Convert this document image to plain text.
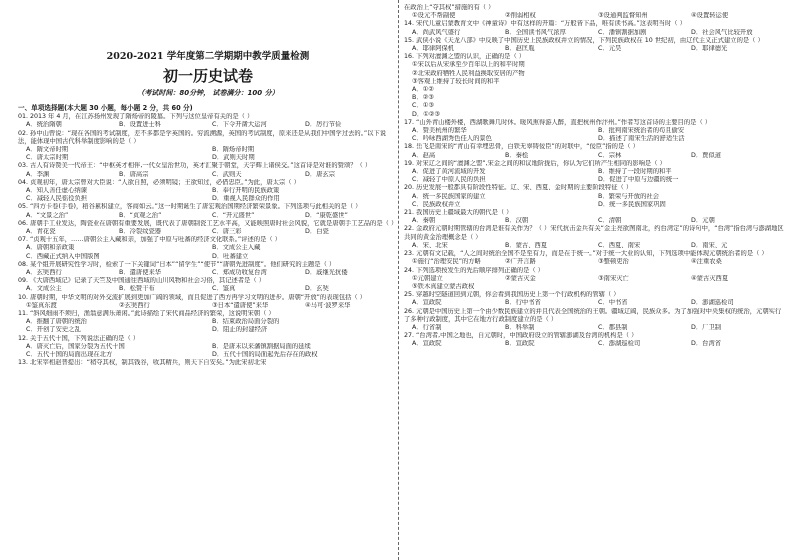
2020-2021 学年度第二学期期中教学质量检测
初一历史试卷
（考试时间：80分钟， 试卷满分：100 分）
一、单项选择题(本大题 30 小题，每小题 2 分，共 60 分)
01. 2013 年 4 月，在江苏扬州发现了隋炀帝的陵墓。下列与这位皇帝有关的是（ ）
A．统治隋朝	B．设置进士科	C．下令开凿大运河	D．厉行节俭
02. 孙中山曾说：“现在各国的考试制度，差不多都是学英国的。穷流溯源，英国的考试制度，原来还是从我们中国学过去的。”以下说法，能体现中国古代科举制度影响的是（ ）
A．隋文帝时期	B．隋炀帝时期
C．唐太宗时期	D．武则天时期
03. 古人有诗赞美一代帝王：“中枢英才相伴,一代女皇治世功，英才汇聚于朝堂，天宇辉上诸侯交。”这首诗是对谁的赞颂？（ ）
A．李渊	B．唐高宗	C．武则天	D．唐玄宗
04. 贞观初年，唐太宗曾对大臣说：“人欲自照，必须明镜；王欲知过，必借忠臣。”为此，唐太宗（ ）
A．知人善任虚心纳谏	B．奉行开明的民族政策
C．减轻人民徭役负担	D．重视人民群众的作用
05. “四方卡卷(手卷)，稻谷累积建立，客商如云。”这一时期诞生了唐宏观治国期经济繁荣景象。下列选项与此相关的是（ ）
A．“文景之治”	B．“贞观之治”	C．“开元盛世”	D．“康乾盛世”
06. 唐朝手工业发达，陶瓷业在唐朝有重要发展，既代表了唐朝制瓷工艺水平高，又能映照唐时社会风貌，它就是唐朝手工艺品的是（ ）
A．青花瓷	B．冷裂纹瓷器	C．唐三彩	D．白瓷
07. “贞观十五年，……唐朝公主入藏和亲，加强了中原与吐蕃的经济文化联系。”评述的是（ ）
A．唐朝和亲政策	B．文成公主入藏
C．西藏正式纳入中国版图	D．吐蕃建立
08. 某个组开展研究性学习时，检索了一下关键词“日本”“留学生”“使节”“唐朝先进制度”。他们研究的主题是（ ）
A．玄奘西行	B．遣唐使来华	C．郑成功收复台湾	D．戚继光抗倭
09. 《大唐西域记》记录了天竺及中国通往西域的山川风物和社会习俗，其记述者是（ ）
A．文成公主	B．松赞干布	C．鉴真	D．玄奘
10. 唐朝时期，中华文明的对外交流扩展到更加广阔的领域，而且促进了西方再学习文明的进步。唐朝“开放”的表现包括（ ）
①鉴真东渡	②玄奘西行	③日本“遣唐使”来华	④马可·波罗来华
11. “斜风细雨不须归，渔翁意满乐萧闲。”此诗描绘了宋代商品经济的繁荣，这说明宋朝（ ）
A．推翻了唐朝的统治	B．结束政治局面分裂的
C．开创了安史之乱	D．阻止的封建经济
12. 关于五代十国，下列说法正确的是（ ）
A．唐灭亡后，国家分裂为五代十国	B．是唐末以来藩镇割据局面的延续
C．五代十国的局面出现在北方	D．五代十国的局面起先后存在的政权
13. 北宋宰相赵普提出：“稍夺其权，制其钱谷，收其精兵，则天下自安矣。”为此宋初北宋
在政治上“夺其权”措施的有（ ）
①设元不帮副使	②削弱相权	③设通判监督知州	④设置转运使
14. 宋代儿童启蒙教育文中《神童诗》中有这样的开篇：“万般皆下品，唯有读书高。”这表明当时（ ）
A．尚武风气盛行	B．全国读书风气浓厚	C．潘镇割据加剧	D．社会风气比较开放
15. 武侠小说《天龙八部》中反映了中国历史上民族政权并立的情况，下列民族政权在 10 世纪初，由辽代主义正式建立的是（ ）
A．耶律阿保机	B．赵匡胤	C．元昊	D．耶律德光
16. 下列对澶渊之盟的认识，正确的是（ ）
①宋以后从宋承至少百年以上的和平时期
②北宋政府牺牲人民利益换取安居的产物
③客观上维持了较长时间的和平
A．①②
B．②③
C．①③
D．①②③
17. “山外青山楼外楼，西湖歌舞几时休。暖风熏得游人醉，直把杭州作汴州。”作者写这首诗的主要目的是（ ）
A．赞美杭州的繁华	B．批判南宋统治者的苟且偷安
C．吟咏西湖秀色佳人的景色	D．描述了南宋生活的舒适生活
18. 岳飞是南宋的“青山有幸埋忠骨，白铁无辜铸佞臣”的对联中，“佞臣”指的是（ ）
A．赵高	B．秦桧	C．宗林	D．贾似道
19. 对宋辽之间的“澶渊之盟”,宋金之间的和议地阶拢后，你认为它们所产生相同的影响是（ ）
A．促进了黄河流域的开发	B．维持了一段时期的和平
C．减轻了中原人民的负担	D．促进了中原与边疆的统一
20. 历史发展一般都具有阶段性特征。辽、宋、西夏、金时期的主要阶段特征（ ）
A．统一多民族国家的建立	B．繁荣与开放的社会
C．民族政权并立	D．统一多民族国家巩固
21. 我国历史上疆域最大的朝代是（ ）
A．秦朝	B．汉朝	C．清朝	D．元朝
22. 金政府元朝时期管辖的台湾是谁有关作为？（ ）宋代抗击金兵有关“金主亮欲图南北，约台湾定”的诗句中，“台湾”指台湾与澎湖地区共同的黄金治理概念是（ ）
A．宋、北宋	B．蒙古、西夏	C．西夏、南宋	D．南宋、元
23. 元朝有文记载，“人之间对统治全国不是至有力，而是在于统一。”对于统一大业的认知，下列选项中能体现元朝统治者的是（ ）
①施行“治理安民”的方略	②广开言路	③整顿吏治	④注重农桑
24. 下列选项按发生的先后顺序排列正确的是（ ）
①元朝建立	②蒙古灭金	③南宋灭亡	④蒙古灭西夏
⑤铁木真建立蒙古政权
25. 穿越时空隧道回到元朝，你会看到我国历史上第一个行政机构的管辖（ ）
A．宣政院	B．行中书省	C．中书省	D．澎湖巡检司
26. 元朝是中国历史上第一个由少数民族建立的并且代表全国统治的王朝。疆域辽阔，民族众多。为了加强对中央集权的统治，元朝实行了多种行政制度，其中它在地方行政制度建立的是（ ）
A．行省制	B．科举制	C．郡县制	D．厂卫制
27. “台湾者,中国之地也，自元朝时，中国政府设立的管辖澎湖及台湾的机构是（ ）
A．宣政院	B．宣政院	C．澎湖巡检司	D．台湾省
